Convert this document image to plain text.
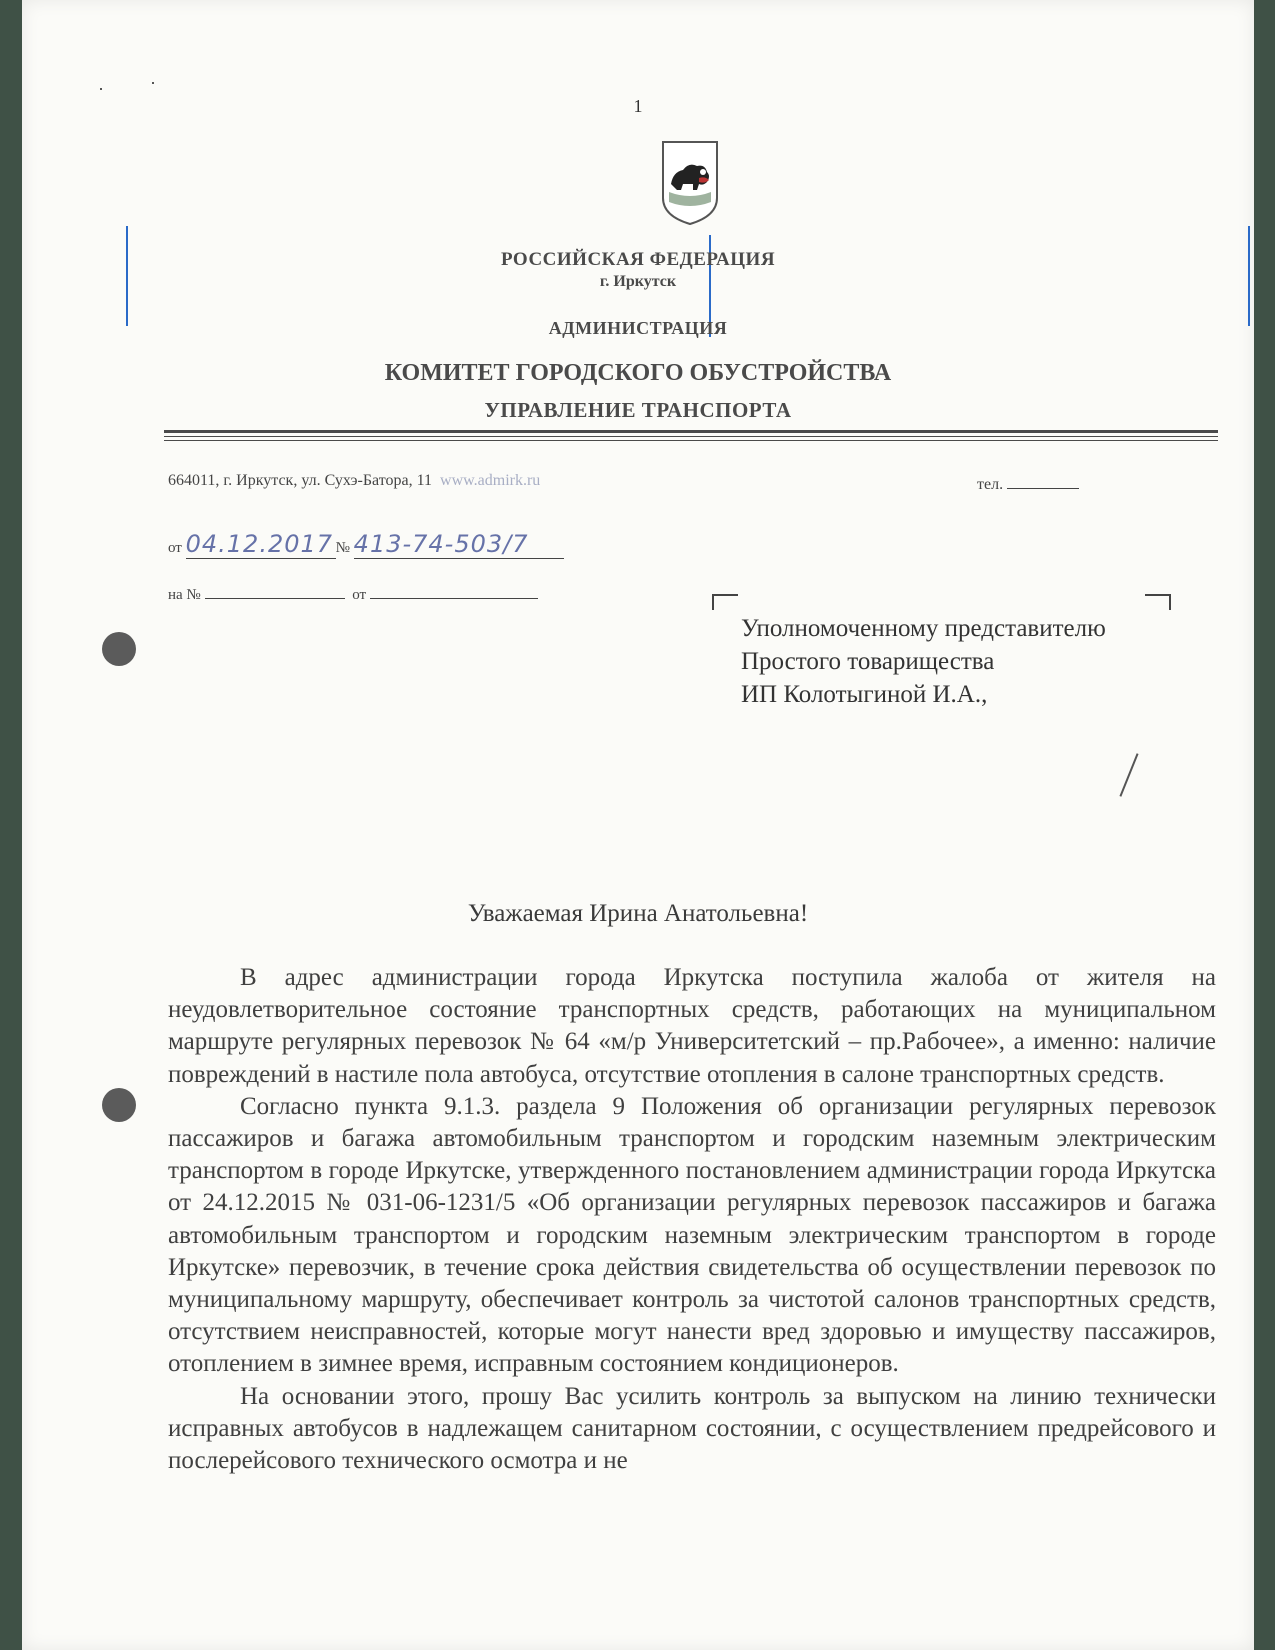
1
РОССИЙСКАЯ ФЕДЕРАЦИЯ
г. Иркутск
АДМИНИСТРАЦИЯ
КОМИТЕТ ГОРОДСКОГО ОБУСТРОЙСТВА
УПРАВЛЕНИЕ ТРАНСПОРТА
664011, г. Иркутск, ул. Сухэ-Батора, 11 www.admirk.ru	тел.
от 04.12.2017 № 413-74-503/7
на №	от
Уполномоченному представителю
Простого товарищества
ИП Колотыгиной И.А.,
Уважаемая Ирина Анатольевна!

В адрес администрации города Иркутска поступила жалоба от жителя на неудовлетворительное состояние транспортных средств, работающих на муниципальном маршруте регулярных перевозок № 64 «м/р Университетский – пр.Рабочее», а именно: наличие повреждений в настиле пола автобуса, отсутствие отопления в салоне транспортных средств.

Согласно пункта 9.1.3. раздела 9 Положения об организации регулярных перевозок пассажиров и багажа автомобильным транспортом и городским наземным электрическим транспортом в городе Иркутске, утвержденного постановлением администрации города Иркутска от 24.12.2015 № 031-06-1231/5 «Об организации регулярных перевозок пассажиров и багажа автомобильным транспортом и городским наземным электрическим транспортом в городе Иркутске» перевозчик, в течение срока действия свидетельства об осуществлении перевозок по муниципальному маршруту, обеспечивает контроль за чистотой салонов транспортных средств, отсутствием неисправностей, которые могут нанести вред здоровью и имуществу пассажиров, отоплением в зимнее время, исправным состоянием кондиционеров.

На основании этого, прошу Вас усилить контроль за выпуском на линию технически исправных автобусов в надлежащем санитарном состоянии, с осуществлением предрейсового и послерейсового технического осмотра и не
